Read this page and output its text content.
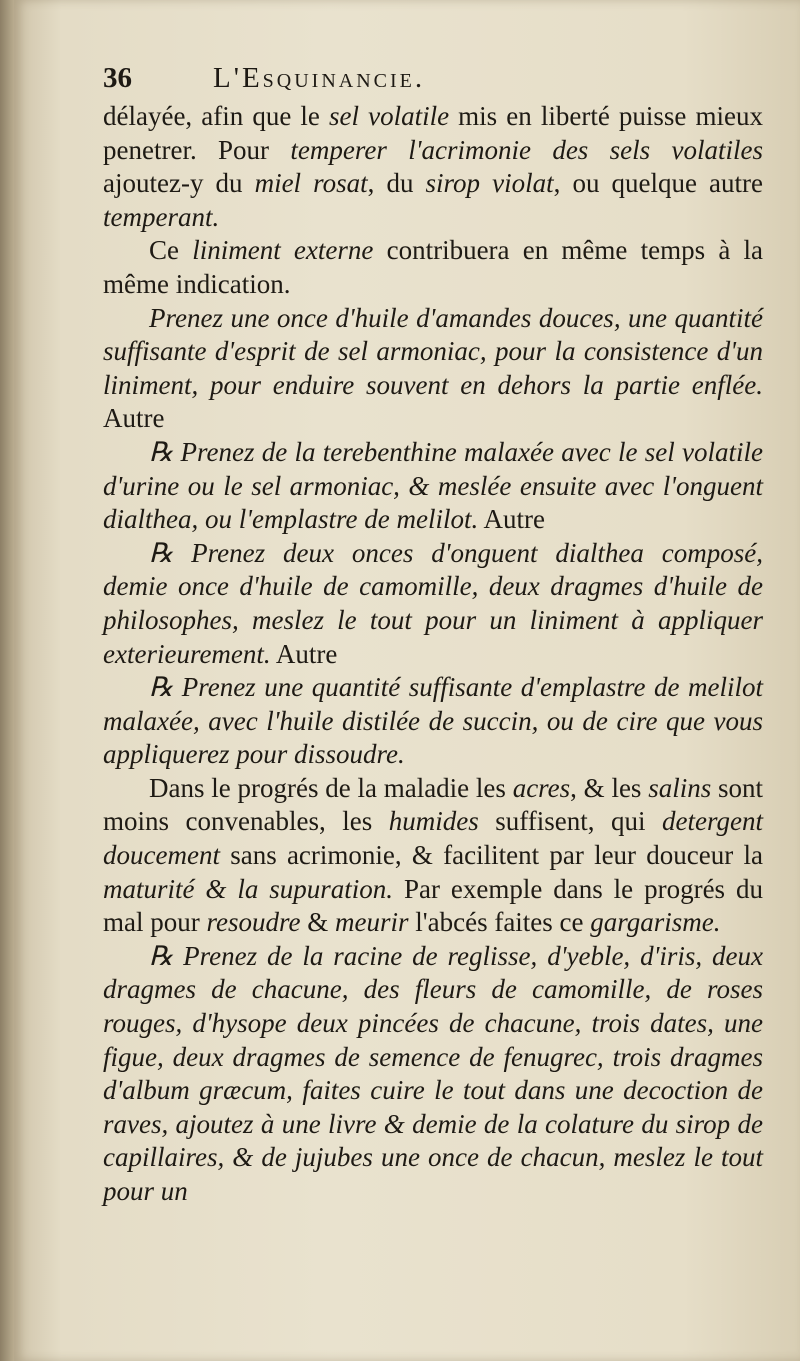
36	L'Esquinancie.

délayée, afin que le sel volatile mis en liberté puisse mieux penetrer. Pour temperer l'acrimonie des sels volatiles ajoutez-y du miel rosat, du sirop violat, ou quelque autre temperant.

Ce liniment externe contribuera en même temps à la même indication.

Prenez une once d'huile d'amandes douces, une quantité suffisante d'esprit de sel armoniac, pour la consistence d'un liniment, pour enduire souvent en dehors la partie enflée. Autre

℞ Prenez de la terebenthine malaxée avec le sel volatile d'urine ou le sel armoniac, & meslée ensuite avec l'onguent dialthea, ou l'emplastre de melilot. Autre

℞ Prenez deux onces d'onguent dialthea composé, demie once d'huile de camomille, deux dragmes d'huile de philosophes, meslez le tout pour un liniment à appliquer exterieurement. Autre

℞ Prenez une quantité suffisante d'emplastre de melilot malaxée, avec l'huile distilée de succin, ou de cire que vous appliquerez pour dissoudre.

Dans le progrés de la maladie les acres, & les salins sont moins convenables, les humides suffisent, qui detergent doucement sans acrimonie, & facilitent par leur douceur la maturité & la supuration. Par exemple dans le progrés du mal pour resoudre & meurir l'abcés faites ce gargarisme.

℞ Prenez de la racine de reglisse, d'yeble, d'iris, deux dragmes de chacune, des fleurs de camomille, de roses rouges, d'hysope deux pincées de chacune, trois dates, une figue, deux dragmes de semence de fenugrec, trois dragmes d'album græcum, faites cuire le tout dans une decoction de raves, ajoutez à une livre & demie de la colature du sirop de capillaires, & de jujubes une once de chacun, meslez le tout pour un
